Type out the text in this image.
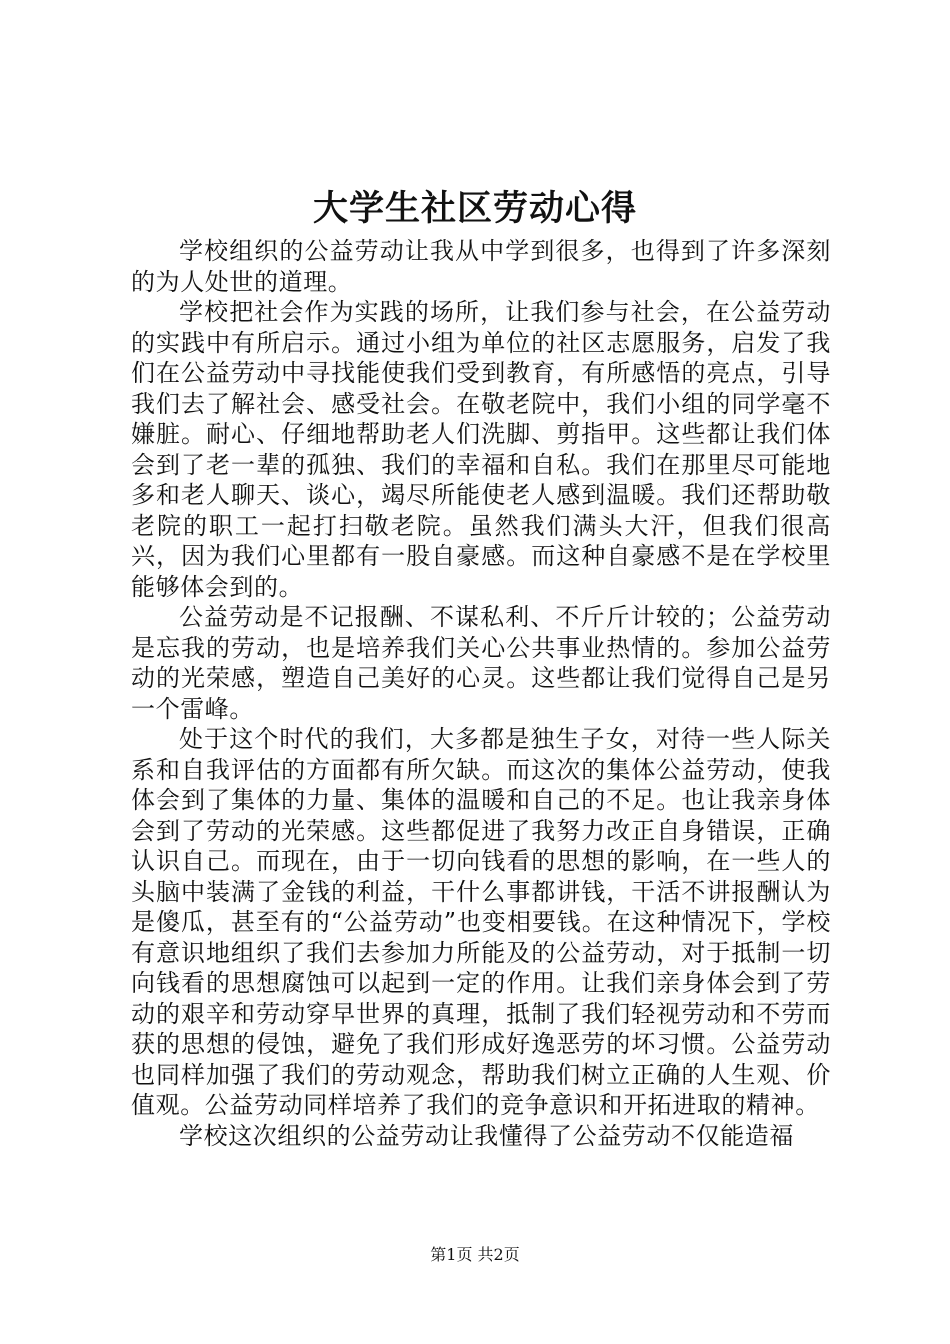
大学生社区劳动心得

学校组织的公益劳动让我从中学到很多，也得到了许多深刻的为人处世的道理。

学校把社会作为实践的场所，让我们参与社会，在公益劳动的实践中有所启示。通过小组为单位的社区志愿服务，启发了我们在公益劳动中寻找能使我们受到教育，有所感悟的亮点，引导我们去了解社会、感受社会。在敬老院中，我们小组的同学毫不嫌脏。耐心、仔细地帮助老人们洗脚、剪指甲。这些都让我们体会到了老一辈的孤独、我们的幸福和自私。我们在那里尽可能地多和老人聊天、谈心，竭尽所能使老人感到温暖。我们还帮助敬老院的职工一起打扫敬老院。虽然我们满头大汗，但我们很高兴，因为我们心里都有一股自豪感。而这种自豪感不是在学校里能够体会到的。

公益劳动是不记报酬、不谋私利、不斤斤计较的；公益劳动是忘我的劳动，也是培养我们关心公共事业热情的。参加公益劳动的光荣感，塑造自己美好的心灵。这些都让我们觉得自己是另一个雷峰。

处于这个时代的我们，大多都是独生子女，对待一些人际关系和自我评估的方面都有所欠缺。而这次的集体公益劳动，使我体会到了集体的力量、集体的温暖和自己的不足。也让我亲身体会到了劳动的光荣感。这些都促进了我努力改正自身错误，正确认识自己。而现在，由于一切向钱看的思想的影响，在一些人的头脑中装满了金钱的利益，干什么事都讲钱，干活不讲报酬认为是傻瓜，甚至有的“公益劳动”也变相要钱。在这种情况下，学校有意识地组织了我们去参加力所能及的公益劳动，对于抵制一切向钱看的思想腐蚀可以起到一定的作用。让我们亲身体会到了劳动的艰辛和劳动穿早世界的真理，抵制了我们轻视劳动和不劳而获的思想的侵蚀，避免了我们形成好逸恶劳的坏习惯。公益劳动也同样加强了我们的劳动观念，帮助我们树立正确的人生观、价值观。公益劳动同样培养了我们的竞争意识和开拓进取的精神。

学校这次组织的公益劳动让我懂得了公益劳动不仅能造福

第1页 共2页
